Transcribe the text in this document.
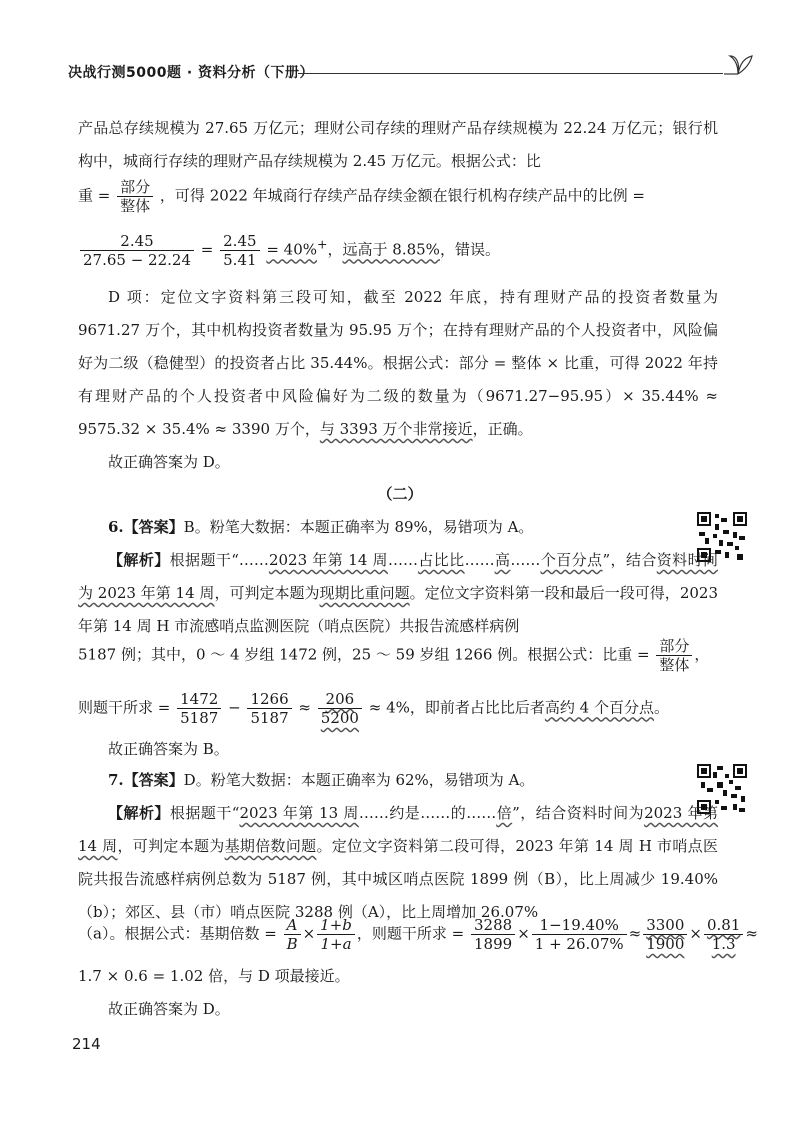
决战行测5000题 · 资料分析（下册）

产品总存续规模为 27.65 万亿元；理财公司存续的理财产品存续规模为 22.24 万亿元；银行机构中，城商行存续的理财产品存续规模为 2.45 万亿元。根据公式：比

重 = $\frac{\text{部分}}{\text{整体}}$ ，可得 2022 年城商行存续产品存续金额在银行机构存续产品中的比例 =
$\frac{2.45}{27.65 - 22.24} = \frac{2.45}{5.41} = 40\%^+$，远高于 8.85%，错误。

D 项：定位文字资料第三段可知，截至 2022 年底，持有理财产品的投资者数量为 9671.27 万个，其中机构投资者数量为 95.95 万个；在持有理财产品的个人投资者中，风险偏好为二级（稳健型）的投资者占比 35.44%。根据公式：部分 = 整体 × 比重，可得 2022 年持有理财产品的个人投资者中风险偏好为二级的数量为（9671.27−95.95）× 35.44% ≈ 9575.32 × 35.4% ≈ 3390 万个，与 3393 万个非常接近，正确。

故正确答案为 D。

（二）

6.【答案】B。粉笔大数据：本题正确率为 89%，易错项为 A。

【解析】根据题干“……2023 年第 14 周……占比比……高……个百分点”，结合资料时间为 2023 年第 14 周，可判定本题为现期比重问题。定位文字资料第一段和最后一段可得，2023 年第 14 周 H 市流感哨点监测医院（哨点医院）共报告流感样病例

5187 例；其中，0 ～ 4 岁组 1472 例，25 ～ 59 岁组 1266 例。根据公式：比重 = $\frac{\text{部分}}{\text{整体}}$ ，
则题干所求 = $\frac{1472}{5187} - \frac{1266}{5187} \approx \frac{206}{5200} \approx 4\%$，即前者占比比后者高约 4 个百分点。

故正确答案为 B。

7.【答案】D。粉笔大数据：本题正确率为 62%，易错项为 A。

【解析】根据题干“2023 年第 13 周……约是……的……倍”，结合资料时间为2023 年第 14 周，可判定本题为基期倍数问题。定位文字资料第二段可得，2023 年第 14 周 H 市哨点医院共报告流感样病例总数为 5187 例，其中城区哨点医院 1899 例（B），比上周减少 19.40%（b）；郊区、县（市）哨点医院 3288 例（A），比上周增加 26.07%

（a）。根据公式：基期倍数 = $\frac{A}{B} \times \frac{1+b}{1+a}$ ，则题干所求 = $\frac{3288}{1899} \times \frac{1-19.40\%}{1 + 26.07\%} \approx \frac{3300}{1900} \times \frac{0.81}{1.3}$ ≈

1.7 × 0.6 = 1.02 倍，与 D 项最接近。

故正确答案为 D。

214
